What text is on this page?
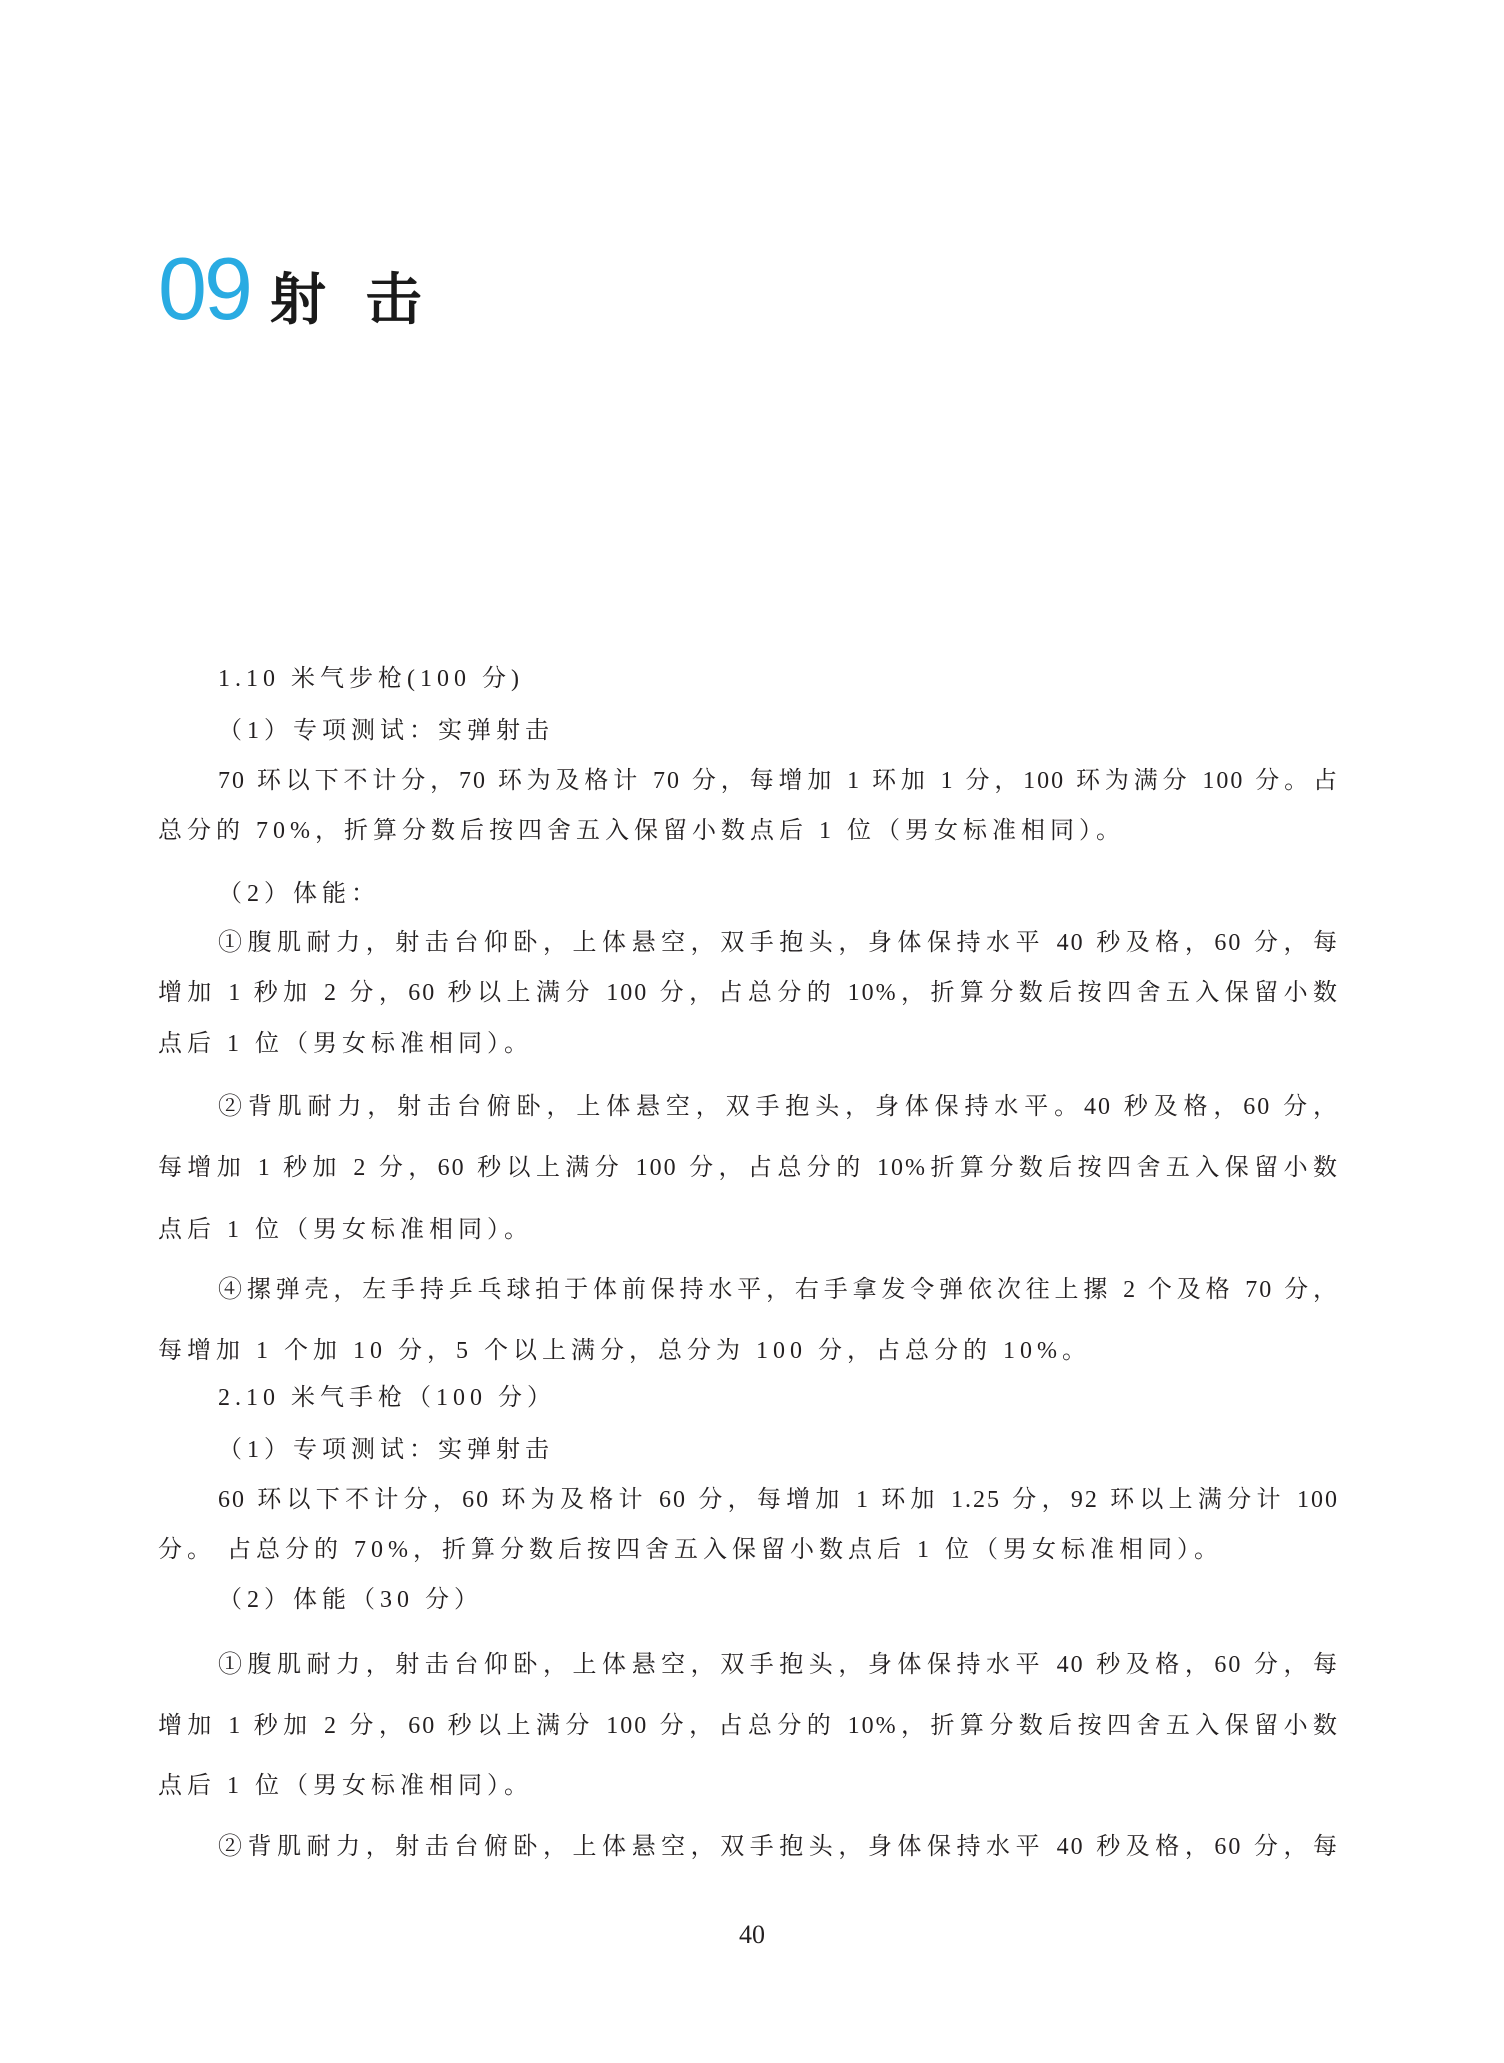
09 射 击
1.10 米气步枪(100 分)
（1）专项测试：实弹射击
70 环以下不计分，70 环为及格计 70 分，每增加 1 环加 1 分，100 环为满分 100 分。占
总分的 70%，折算分数后按四舍五入保留小数点后 1 位（男女标准相同）。
（2）体能：
①腹肌耐力，射击台仰卧，上体悬空，双手抱头，身体保持水平 40 秒及格，60 分，每
增加 1 秒加 2 分，60 秒以上满分 100 分，占总分的 10%，折算分数后按四舍五入保留小数
点后 1 位（男女标准相同）。
②背肌耐力，射击台俯卧，上体悬空，双手抱头，身体保持水平。40 秒及格，60 分，
每增加 1 秒加 2 分，60 秒以上满分 100 分，占总分的 10%折算分数后按四舍五入保留小数
点后 1 位（男女标准相同）。
④摞弹壳，左手持乒乓球拍于体前保持水平，右手拿发令弹依次往上摞 2 个及格 70 分，
每增加 1 个加 10 分，5 个以上满分，总分为 100 分，占总分的 10%。
2.10 米气手枪（100 分）
（1）专项测试：实弹射击
60 环以下不计分，60 环为及格计 60 分，每增加 1 环加 1.25 分，92 环以上满分计 100
分。 占总分的 70%，折算分数后按四舍五入保留小数点后 1 位（男女标准相同）。
（2）体能（30 分）
①腹肌耐力，射击台仰卧，上体悬空，双手抱头，身体保持水平 40 秒及格，60 分，每
增加 1 秒加 2 分，60 秒以上满分 100 分，占总分的 10%，折算分数后按四舍五入保留小数
点后 1 位（男女标准相同）。
②背肌耐力，射击台俯卧，上体悬空，双手抱头，身体保持水平 40 秒及格，60 分，每
40
